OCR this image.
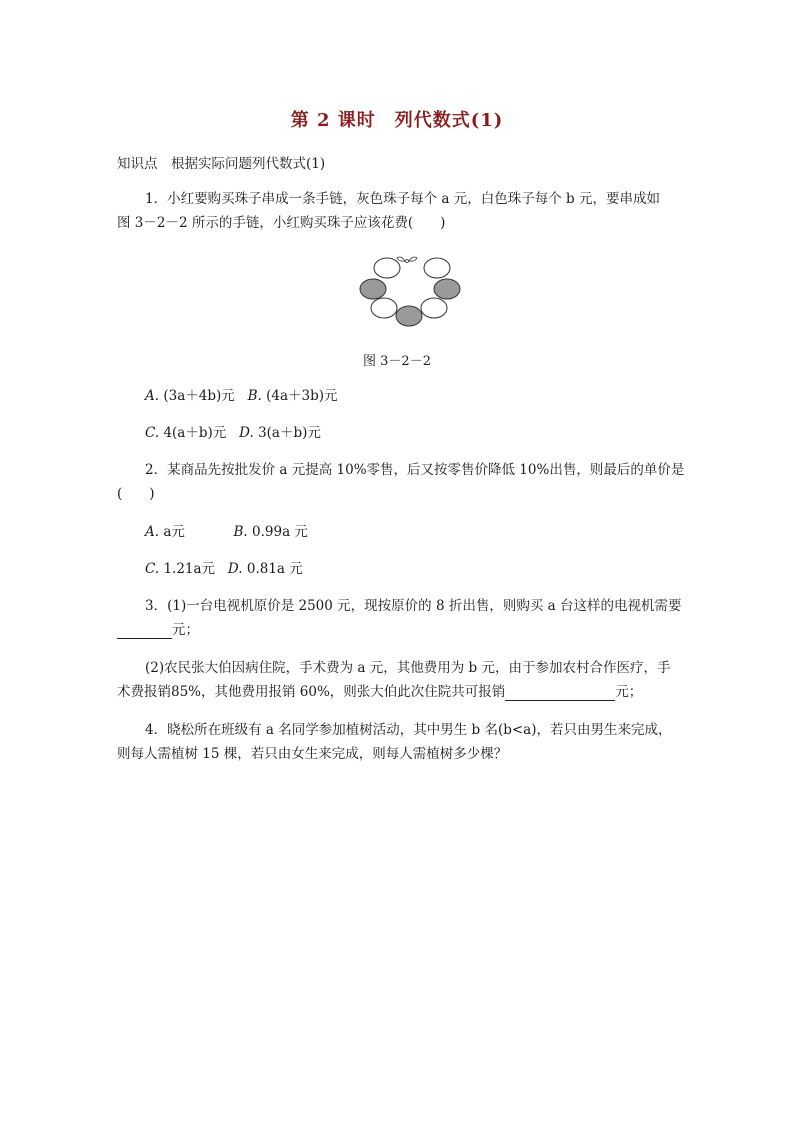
第 2 课时　列代数式(1)
知识点　根据实际问题列代数式(1)
1．小红要购买珠子串成一条手链，灰色珠子每个 a 元，白色珠子每个 b 元，要串成如
图 3－2－2 所示的手链，小红购买珠子应该花费(　　)
图 3－2－2
A. (3a＋4b)元 B. (4a＋3b)元
C. 4(a＋b)元 D. 3(a＋b)元
2．某商品先按批发价 a 元提高 10%零售，后又按零售价降低 10%出售，则最后的单价是
(　　)
A. a元	B. 0.99a 元
C. 1.21a元 D. 0.81a 元
3．(1)一台电视机原价是 2500 元，现按原价的 8 折出售，则购买 a 台这样的电视机需要
元；
(2)农民张大伯因病住院，手术费为 a 元，其他费用为 b 元，由于参加农村合作医疗，手
术费报销85%，其他费用报销 60%，则张大伯此次住院共可报销	元；
4．晓松所在班级有 a 名同学参加植树活动，其中男生 b 名(b<a)，若只由男生来完成，
则每人需植树 15 棵，若只由女生来完成，则每人需植树多少棵？
